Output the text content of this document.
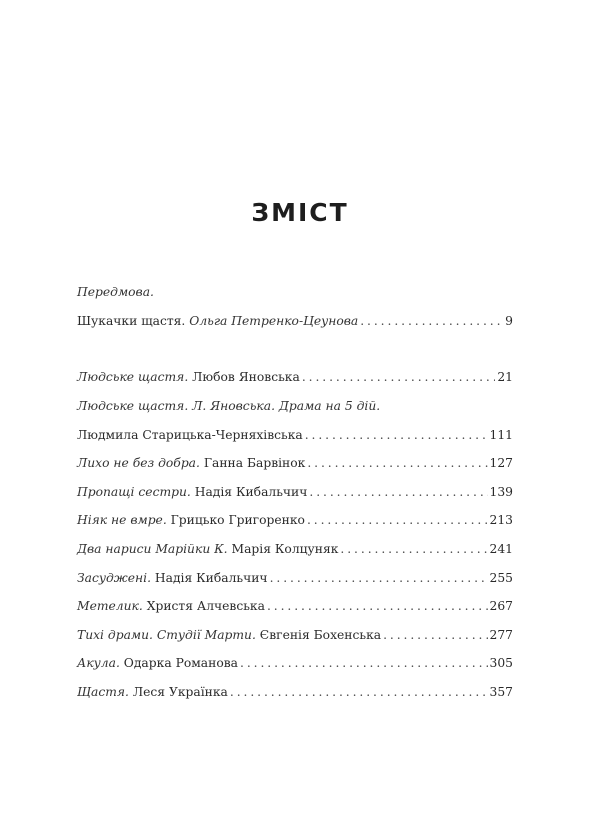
ЗМІСТ
Передмова.
Шукачки щастя. Ольга Петренко-Цеунова . . .	9
Людське щастя. Любов Яновська . . .	21
Людське щастя. Л. Яновська. Драма на 5 дій.
Людмила Старицька-Черняхівська . . .	111
Лихо не без добра. Ганна Барвінок . . .	127
Пропащі сестри. Надія Кибальчич . . .	139
Ніяк не вмре. Грицько Григоренко . . .	213
Два нариси Марійки К. Марія Колцуняк . . .	241
Засуджені. Надія Кибальчич . . .	255
Метелик. Христя Алчевська . . .	267
Тихі драми. Студії Марти. Євгенія Бохенська . . .	277
Акула. Одарка Романова . . .	305
Щастя. Леся Українка . . .	357
